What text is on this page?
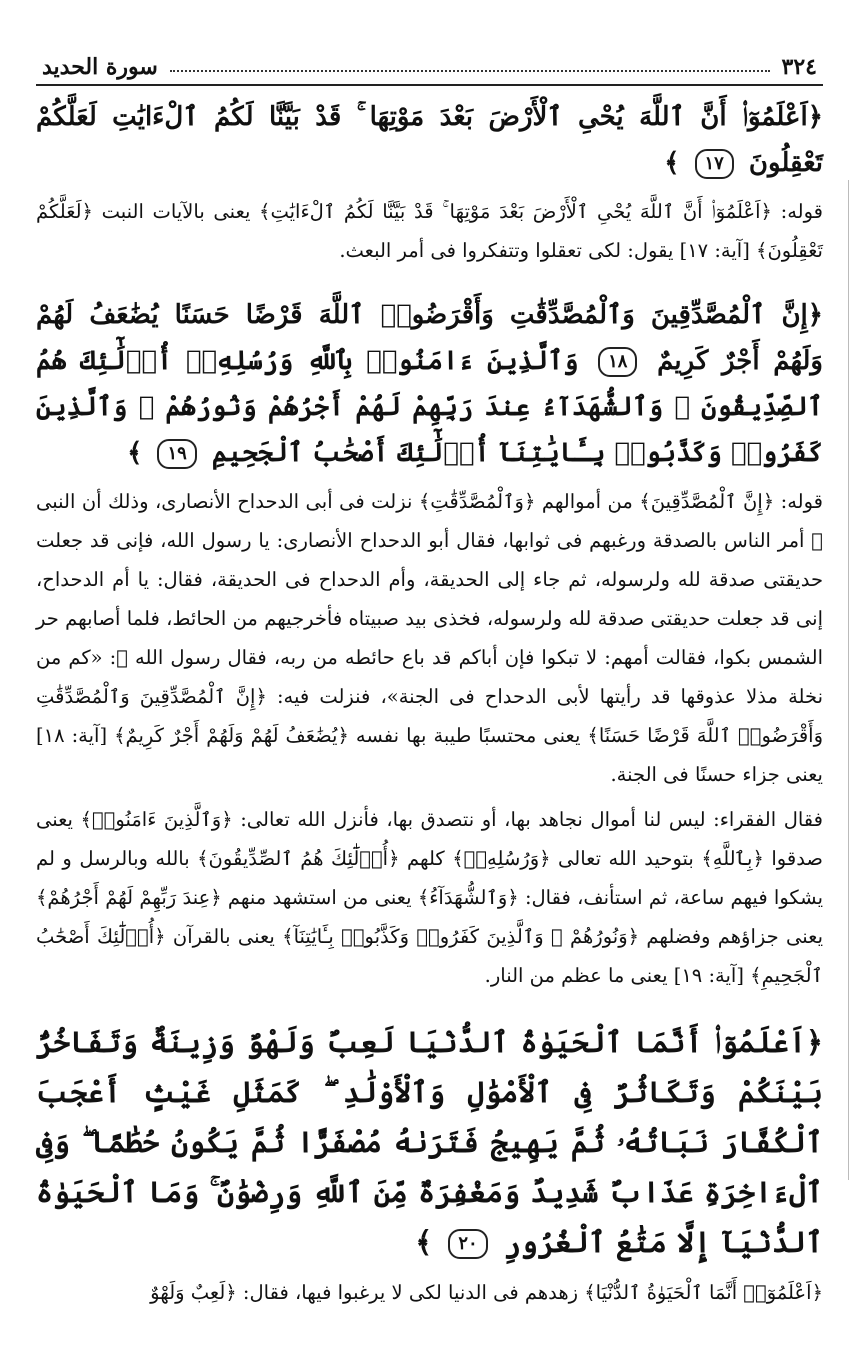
٣٢٤
سورة الحديد

﴿اَعْلَمُوٓا۟ أَنَّ ٱللَّهَ يُحْىِ ٱلْأَرْضَ بَعْدَ مَوْتِهَا ۚ قَدْ بَيَّنَّا لَكُمُ ٱلْءَايَٰتِ لَعَلَّكُمْ تَعْقِلُونَ ١٧ ﴾

قوله: ﴿اَعْلَمُوٓا۟ أَنَّ ٱللَّهَ يُحْىِ ٱلْأَرْضَ بَعْدَ مَوْتِهَا ۚ قَدْ بَيَّنَّا لَكُمُ ٱلْءَايَٰتِ﴾ يعنى بالآيات النبت ﴿لَعَلَّكُمْ تَعْقِلُونَ﴾ [آية: ١٧] يقول: لكى تعقلوا وتتفكروا فى أمر البعث.

﴿إِنَّ ٱلْمُصَّدِّقِينَ وَٱلْمُصَّدِّقَٰتِ وَأَقْرَضُوا۟ ٱللَّهَ قَرْضًا حَسَنًا يُضَٰعَفُ لَهُمْ وَلَهُمْ أَجْرٌ كَرِيمٌ ١٨ وَٱلَّذِينَ ءَامَنُوا۟ بِٱللَّهِ وَرُسُلِهِۦٓ أُو۟لَٰٓئِكَ هُمُ ٱلصِّدِّيقُونَ ۖ وَٱلشُّهَدَآءُ عِندَ رَبِّهِمْ لَهُمْ أَجْرُهُمْ وَنُورُهُمْ ۖ وَٱلَّذِينَ كَفَرُوا۟ وَكَذَّبُوا۟ بِـَٔايَٰتِنَآ أُو۟لَٰٓئِكَ أَصْحَٰبُ ٱلْجَحِيمِ ١٩ ﴾

قوله: ﴿إِنَّ ٱلْمُصَّدِّقِينَ﴾ من أموالهم ﴿وَٱلْمُصَّدِّقَٰتِ﴾ نزلت فى أبى الدحداح الأنصارى، وذلك أن النبى ﷺ أمر الناس بالصدقة ورغبهم فى ثوابها، فقال أبو الدحداح الأنصارى: يا رسول الله، فإنى قد جعلت حديقتى صدقة لله ولرسوله، ثم جاء إلى الحديقة، وأم الدحداح فى الحديقة، فقال: يا أم الدحداح، إنى قد جعلت حديقتى صدقة لله ولرسوله، فخذى بيد صبيتاه فأخرجيهم من الحائط، فلما أصابهم حر الشمس بكوا، فقالت أمهم: لا تبكوا فإن أباكم قد باع حائطه من ربه، فقال رسول الله ﷺ: «كم من نخلة مذلا عذوقها قد رأيتها لأبى الدحداح فى الجنة»، فنزلت فيه: ﴿إِنَّ ٱلْمُصَّدِّقِينَ وَٱلْمُصَّدِّقَٰتِ وَأَقْرَضُوا۟ ٱللَّهَ قَرْضًا حَسَنًا﴾ يعنى محتسبًا طيبة بها نفسه ﴿يُضَٰعَفُ لَهُمْ وَلَهُمْ أَجْرٌ كَرِيمٌ﴾ [آية: ١٨] يعنى جزاء حسنًا فى الجنة.

فقال الفقراء: ليس لنا أموال نجاهد بها، أو نتصدق بها، فأنزل الله تعالى: ﴿وَٱلَّذِينَ ءَامَنُوا۟﴾ يعنى صدقوا ﴿بِٱللَّهِ﴾ بتوحيد الله تعالى ﴿وَرُسُلِهِۦٓ﴾ كلهم ﴿أُو۟لَٰٓئِكَ هُمُ ٱلصِّدِّيقُونَ﴾ بالله وبالرسل و لم يشكوا فيهم ساعة، ثم استأنف، فقال: ﴿وَٱلشُّهَدَآءُ﴾ يعنى من استشهد منهم ﴿عِندَ رَبِّهِمْ لَهُمْ أَجْرُهُمْ﴾ يعنى جزاؤهم وفضلهم ﴿وَنُورُهُمْ ۖ وَٱلَّذِينَ كَفَرُوا۟ وَكَذَّبُوا۟ بِـَٔايَٰتِنَآ﴾ يعنى بالقرآن ﴿أُو۟لَٰٓئِكَ أَصْحَٰبُ ٱلْجَحِيمِ﴾ [آية: ١٩] يعنى ما عظم من النار.

﴿اَعْلَمُوٓا۟ أَنَّمَا ٱلْحَيَوٰةُ ٱلدُّنْيَا لَعِبٌ وَلَهْوٌ وَزِينَةٌ وَتَفَاخُرٌۢ بَيْنَكُمْ وَتَكَاثُرٌ فِى ٱلْأَمْوَٰلِ وَٱلْأَوْلَٰدِ ۖ كَمَثَلِ غَيْثٍ أَعْجَبَ ٱلْكُفَّارَ نَبَاتُهُۥ ثُمَّ يَهِيجُ فَتَرَىٰهُ مُصْفَرًّا ثُمَّ يَكُونُ حُطَٰمًا ۖ وَفِى ٱلْءَاخِرَةِ عَذَابٌ شَدِيدٌ وَمَغْفِرَةٌ مِّنَ ٱللَّهِ وَرِضْوَٰنٌ ۚ وَمَا ٱلْحَيَوٰةُ ٱلدُّنْيَآ إِلَّا مَتَٰعُ ٱلْغُرُورِ ٢٠ ﴾

﴿اَعْلَمُوٓا۟ أَنَّمَا ٱلْحَيَوٰةُ ٱلدُّنْيَا﴾ زهدهم فى الدنيا لكى لا يرغبوا فيها، فقال: ﴿لَعِبٌ وَلَهْوٌ
